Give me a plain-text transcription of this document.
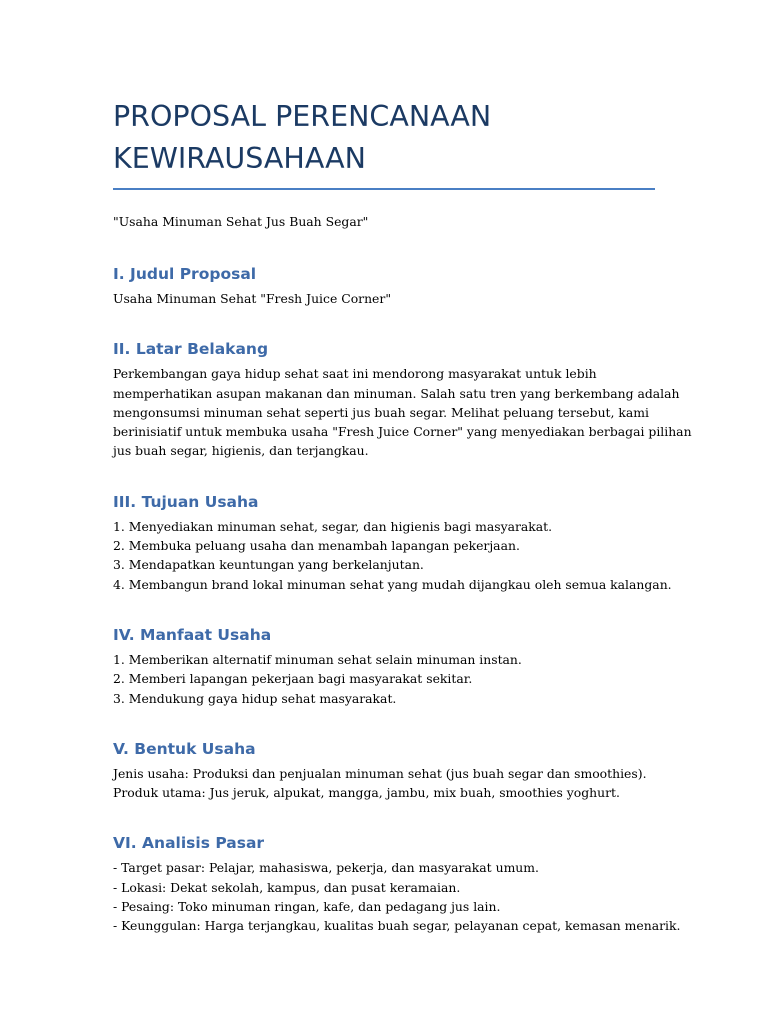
PROPOSAL PERENCANAAN
KEWIRAUSAHAAN
"Usaha Minuman Sehat Jus Buah Segar"
I. Judul Proposal
Usaha Minuman Sehat "Fresh Juice Corner"
II. Latar Belakang
Perkembangan gaya hidup sehat saat ini mendorong masyarakat untuk lebih
memperhatikan asupan makanan dan minuman. Salah satu tren yang berkembang adalah
mengonsumsi minuman sehat seperti jus buah segar. Melihat peluang tersebut, kami
berinisiatif untuk membuka usaha "Fresh Juice Corner" yang menyediakan berbagai pilihan
jus buah segar, higienis, dan terjangkau.
III. Tujuan Usaha
1. Menyediakan minuman sehat, segar, dan higienis bagi masyarakat.
2. Membuka peluang usaha dan menambah lapangan pekerjaan.
3. Mendapatkan keuntungan yang berkelanjutan.
4. Membangun brand lokal minuman sehat yang mudah dijangkau oleh semua kalangan.
IV. Manfaat Usaha
1. Memberikan alternatif minuman sehat selain minuman instan.
2. Memberi lapangan pekerjaan bagi masyarakat sekitar.
3. Mendukung gaya hidup sehat masyarakat.
V. Bentuk Usaha
Jenis usaha: Produksi dan penjualan minuman sehat (jus buah segar dan smoothies).
Produk utama: Jus jeruk, alpukat, mangga, jambu, mix buah, smoothies yoghurt.
VI. Analisis Pasar
- Target pasar: Pelajar, mahasiswa, pekerja, dan masyarakat umum.
- Lokasi: Dekat sekolah, kampus, dan pusat keramaian.
- Pesaing: Toko minuman ringan, kafe, dan pedagang jus lain.
- Keunggulan: Harga terjangkau, kualitas buah segar, pelayanan cepat, kemasan menarik.
